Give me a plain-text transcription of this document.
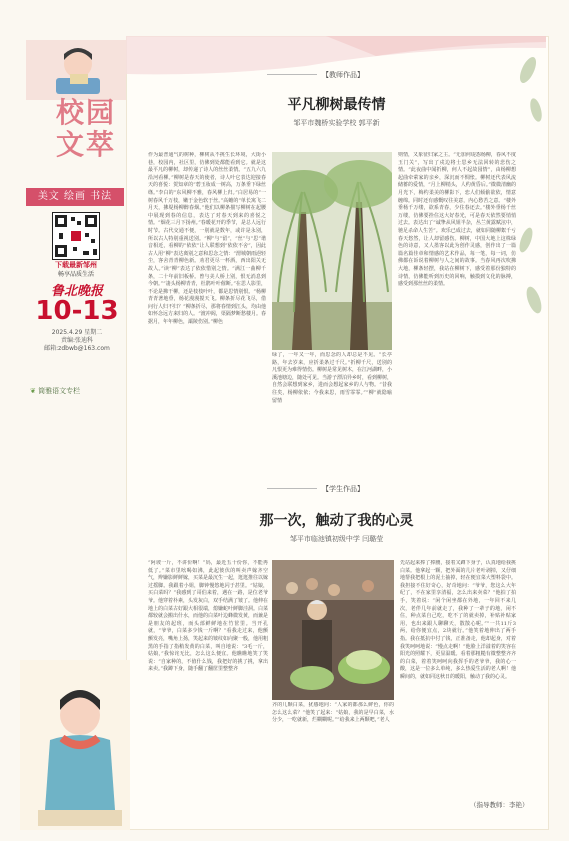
校园
文萃
美文 绘画 书法
下载最新邹州
畅享品质生活
鲁北晚报
10-13
2025.4.29 星期二
责编:张迪科
邮箱:zdbwb@163.com
❦ 筒雅语文专栏
【教师作品】
平凡柳树最传情
邹平市魏桥实验学校 郭平新
作为最普通气的树种，柳树从不挑生长环境，大街小巷，校园内，社区里，仿佛到处都能看到它。就是这最平凡的柳树，却传递了诗人的丝丝柔情。“五九六九沿河看柳。”柳树是春天的使者，诗人叶它表达迎接春天的喜悦：贺知章的“碧玉妆成一树高，万条垂下绿丝绦。”李白的“东风柳不雅，春风柳上归。”白居易的“一树春风千万枝，嫩于金色软于丝。”高蟾的“单长寓飞二月天，拂堤杨柳醉春烟。”他们以柳条描写柳树在起腰中展现到春的信息，表达了对春天到来的喜悦之情。“烟花三月下扬州。”春暖花开的季节，是总人远行时节。古代交通不便，一别就是数年，或许是永别，所以古人特别重视送别。“柳”与“留”，“丝”与“思”谐音相近，看柳的“依依”让人联想到“依依不舍”，因此古人用“柳”表达离别之意和思念之情：“渭城朝雨浥轻尘，客舍青青柳色新。劝君更尽一杯酒，西出阳关无故人。”读“柳”表达了依依惜别之情。“满江一曲柳千条，二十年前旧板桥。曾与美人桥上别，恨无消息到今朝。”“凄头杨柳青青，杜鹃叶叶催断。”在思人影里，不论是拂干柳，还是枝枝叶叶，都是思情别恨。“杨柳青青著地垂，杨花漫漫搅天飞。柳条折尽花飞尽，借问行人归不归？”柳条折尽，那将春情到江头，均由他如怀念远方来归的人。“渡冲阁，渠隔梦断愁楼月。春据月，年年柳色，灞陵伤别。”柳色
绿了，一年又一年，而思念的人却总是不见。“长亭路，年去岁来，应折柔条过千尺。”折柳千尺，送别的凡恨更为难得情伤。柳树是常见树木，在江河湖畔，小溪池塘边，随处可见。当游子漂泊异乡时，看到柳树，自然会联想到家乡，进而会想起家乡的人与物。“昔我往矣，杨柳依依；今我来思，雨雪霏霏。”“柳”就隐喻留情
则情，又象征归家之主。“无加何堤怨杨柳，春风不度玉门关”，写出了戍边将士思乡无法回转的悲伤之情。“此夜曲中闻折柳，何人不起故园情”，由杨柳想起曲牵萦家的亲乡，深沉而不惆怅。柳树还代表风流储蓄的爱情，“月上柳梢头，人约黄昏后。”微微清幽的月光下，梅约柔美的柳影下，恋人们倾偷欲依，情意缠绵。同时还有感慨叹往美意，内心愁苦之意。“楼外垂杨千万缕，欲系青春，少住春还去。”楼外垂杨千丝万缕，仿佛要拴住这大好春光，可是春天依然要悄悄过去。表达出了“诚挚从风姐半杂，丛兰黄露赋泫中，驰足杀命人生苦”。欢乐已成过去，就如同随柳絮千亏春天悠然，让人却留感伤。柳树，中国大地上这株绿色的诗意，又人墨客以此为创作灵感，创作出了一篇篇名篇佳章和情感的艺术作品，每一笔，每一词，仿佛都在诉说着柳树与人之间的故事。当春风再次吹拂大地，柳条轻摆，我站在柳树下，感受着那份独特的诗情，仿佛能听到历史的回响，触摸到文化的脉搏，感受到那丝丝的柔情。
【学生作品】
那一次，触动了我的心灵
邹平市临池镇初级中学 闫璐莹
“阿坡一斤，不讲价啊！”妈，最近五十份你，不能再低了。”菜市里吆喝如沸，此起彼伏的叫卖声嫁齐空气，辫嫌影鲜鲜嫁，买菜是最沉生一起，逛逛推往以嫁过摇脚。我跟着小姐，脚钟慢悠地闪于甚里。“姑娘，买白菜吗？”我感到了哥伯来着，遇在一路，是位老爷爷。他穿着朴素，头发灰白，双手结满了皱了。他伸在地上的白菜古好跟大相很端，熄嫌蛇叶鲜脚洼洞。白菜都较就会搬出什水，而他的白菜叶边蜂微发黄，而兼是是朋友的起班，而头部鲜鲜地在竹筐里。当开孔就，“爷爷，白菜多少钱一斤啊？”看我走过来，他颤颤发亮，嘴角上扬，笑起来的皱纹如向聚一般，他用粗黑的手指了指稍发黄的白菜，叫自地说：“3毛一斤，姑娘，”我惊诧无比，怎么这么便宜。他瞧瞧地笑了笑说：“自家种的，不值什么钱，我把好的挑了挑，拿出来卖。”我蹲下身，随手翻了翻筐里整整齐
齐的几颗白菜，犹感地问：“人家的都那么鲜色，你的怎么这么菜？”他笑了起来：“姑娘，我的是早白菜，水分少，一吃就新，烂糊糊呢。”“给我来上两颗吧，”老人
先站起来捧了捧腰，接着又蹲下身子，认真地给我挑白菜。他拿起一颗，把外面的几片老叶剥掉，又仔细地帮我把根上的泥土抽掉，轻在便宜菜大塑料袋中。我担接不住好奇心，好奇地问：“爷爷，您这么大年纪了，不在家里享清福，怎么出来卖菜？”他拍了拍手，笑着说：“闲个闲坐都在外地，一年回不来几次，老伴几年前就走了，我种了一辈子的地，闲不住，种点菜自己吃，吃不了的就卖掉，补贴补贴家用，也出来跟人聊聊天，散散心呢。”“一共11斤3两，给你便宜点，2块就行。”他笑着地伸出了两手指。我在抵抗中付了钱，正准备走，他却起身，对着我笑呵呵地说：“慢点走啊！”他脸上洋溢着的笑容在阳光的照耀下，更显温暖。看着那粗糙有微整整齐齐的白菜，着着笑呵呵向我挥手的老爷爷，我的心一酸，这是一位多么单纯，多么热爱生活的老人啊！他瞬间的，就如同这秋日的暖阳，触动了我的心灵。
（指导教师：李艳）
